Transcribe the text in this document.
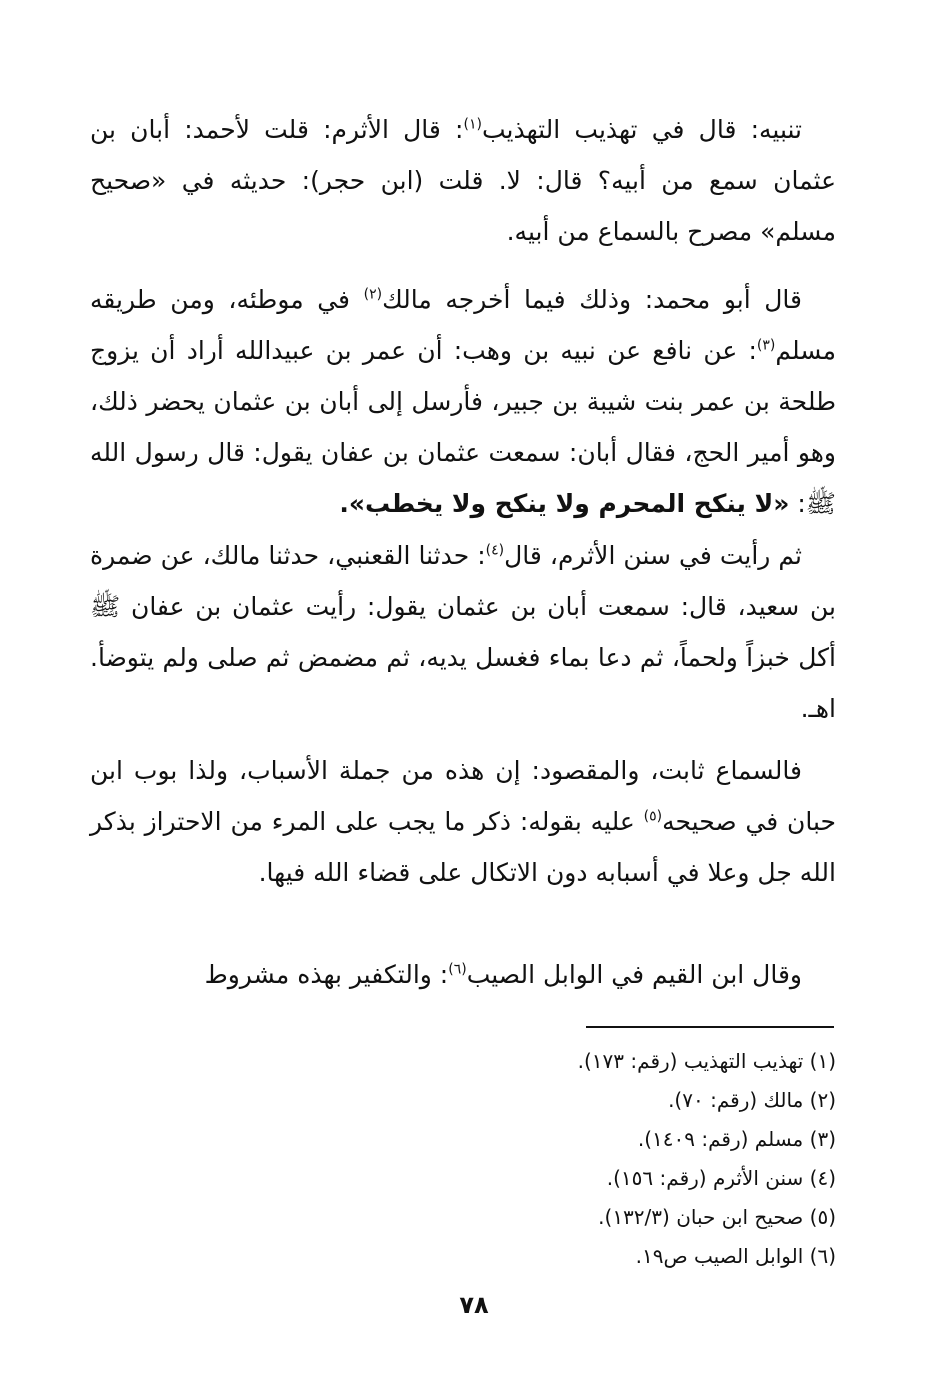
تنبيه: قال في تهذيب التهذيب$^{(١)}$: قال الأثرم: قلت لأحمد: أبان بن عثمان سمع من أبيه؟ قال: لا. قلت (ابن حجر): حديثه في «صحيح مسلم» مصرح بالسماع من أبيه.

قال أبو محمد: وذلك فيما أخرجه مالك$^{(٢)}$ في موطئه، ومن طريقه مسلم$^{(٣)}$: عن نافع عن نبيه بن وهب: أن عمر بن عبيدالله أراد أن يزوج طلحة بن عمر بنت شيبة بن جبير، فأرسل إلى أبان بن عثمان يحضر ذلك، وهو أمير الحج، فقال أبان: سمعت عثمان بن عفان يقول: قال رسول الله ﷺ: «لا ينكح المحرم ولا ينكح ولا يخطب».

ثم رأيت في سنن الأثرم، قال$^{(٤)}$: حدثنا القعنبي، حدثنا مالك، عن ضمرة بن سعيد، قال: سمعت أبان بن عثمان يقول: رأيت عثمان بن عفان ﷺ أكل خبزاً ولحماً، ثم دعا بماء فغسل يديه، ثم مضمض ثم صلى ولم يتوضأ. اهـ.

فالسماع ثابت، والمقصود: إن هذه من جملة الأسباب، ولذا بوب ابن حبان في صحيحه$^{(٥)}$ عليه بقوله: ذكر ما يجب على المرء من الاحتراز بذكر الله جل وعلا في أسبابه دون الاتكال على قضاء الله فيها.

وقال ابن القيم في الوابل الصيب$^{(٦)}$: والتكفير بهذه مشروط

(١) تهذيب التهذيب (رقم: ١٧٣).
(٢) مالك (رقم: ٧٠).
(٣) مسلم (رقم: ١٤٠٩).
(٤) سنن الأثرم (رقم: ١٥٦).
(٥) صحيح ابن حبان (١٣٢/٣).
(٦) الوابل الصيب ص١٩.
٧٨
